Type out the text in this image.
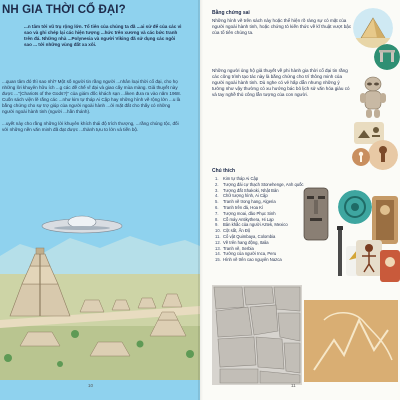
NH GIA THỜI CỔ ĐẠI?
...n tâm tới vũ trụ rộng lớn. Tổ tiên của chúng ta đã ...ai sử để của các vì sao và ghi chép lại các hiện tượng ...hức trên xương và các bức tranh trên đá. Những nhà ...Polynesia và người Viking đã sử dụng các ngôi sao ... tới những vùng đất xa xôi.

...quan tâm đó thì sao nhỉ? Một số người tin rằng người ...nhân loại thời cổ đại, cho họ những lời khuyên hữu ích ...g các đế chế vĩ đại và giao cấy mùa màng. Giả thuyết này được ..."(Chariots of the Gods?)" của giám đốc khách sạn ...liken đưa ra vào năm 1968. Cuốn sách viện lẽ rằng các ...như kim tự tháp Ai Cập hay những hình vẽ rộng lớn ...u là bằng chứng cho sự trợ giúp của người ngoài hành ...ới mặt đất cho thấy có những người ngoài hành tinh (người ...hần thánh).

...uyết này cho rằng những lời khuyên khích thái độ trích thượng, ...rằng chúng tộc, đối với những nền văn minh đã đạt được ...thành tựu to lớn và tiến bộ.

10
Bằng chứng sai
Những hình vẽ trên sách này hoặc thể hiện rõ ràng sự có mặt của người ngoài hành tinh, hoặc chứng tỏ kiến thức về kĩ thuật vượt bậc của tổ tiên chúng ta.
Những người ủng hộ giả thuyết về phi hành gia thời cổ đại tin rằng các công trình tạo tác này là bằng chứng cho trí thông minh của người ngoài hành tinh. Dù nghe có vẻ hấp dẫn nhưng những ý tưởng như vậy thường có xu hướng bác bỏ lịch sử văn hóa giàu có và tay nghề thủ công lẫn tượng của con người.
Chú thích
1. Kim tự tháp Ai Cập
2. Tượng đài cự thạch Stonehenge, Anh quốc
3. Tượng đất Shakoki, Nhật Bản
4. Chữ tượng hình, Ai Cập
5. Tranh vẽ trong hang, Algeria
6. Tranh trên đá, Hoa Kì
7. Tượng moai, đảo Phục Sinh
8. Cỗ máy Antikythera, Hi Lạp
9. Bản khắc của người Aztek, Mexico
10. Cột sắt, Ấn Độ
11. Cổ vật Quimbaya, Colombia
12. Vẽ trên hang động, Italia
13. Tranh vẽ, Serbia
14. Tường của người Inca, Peru
15. Hình vẽ trên cao nguyên Nazca
11
